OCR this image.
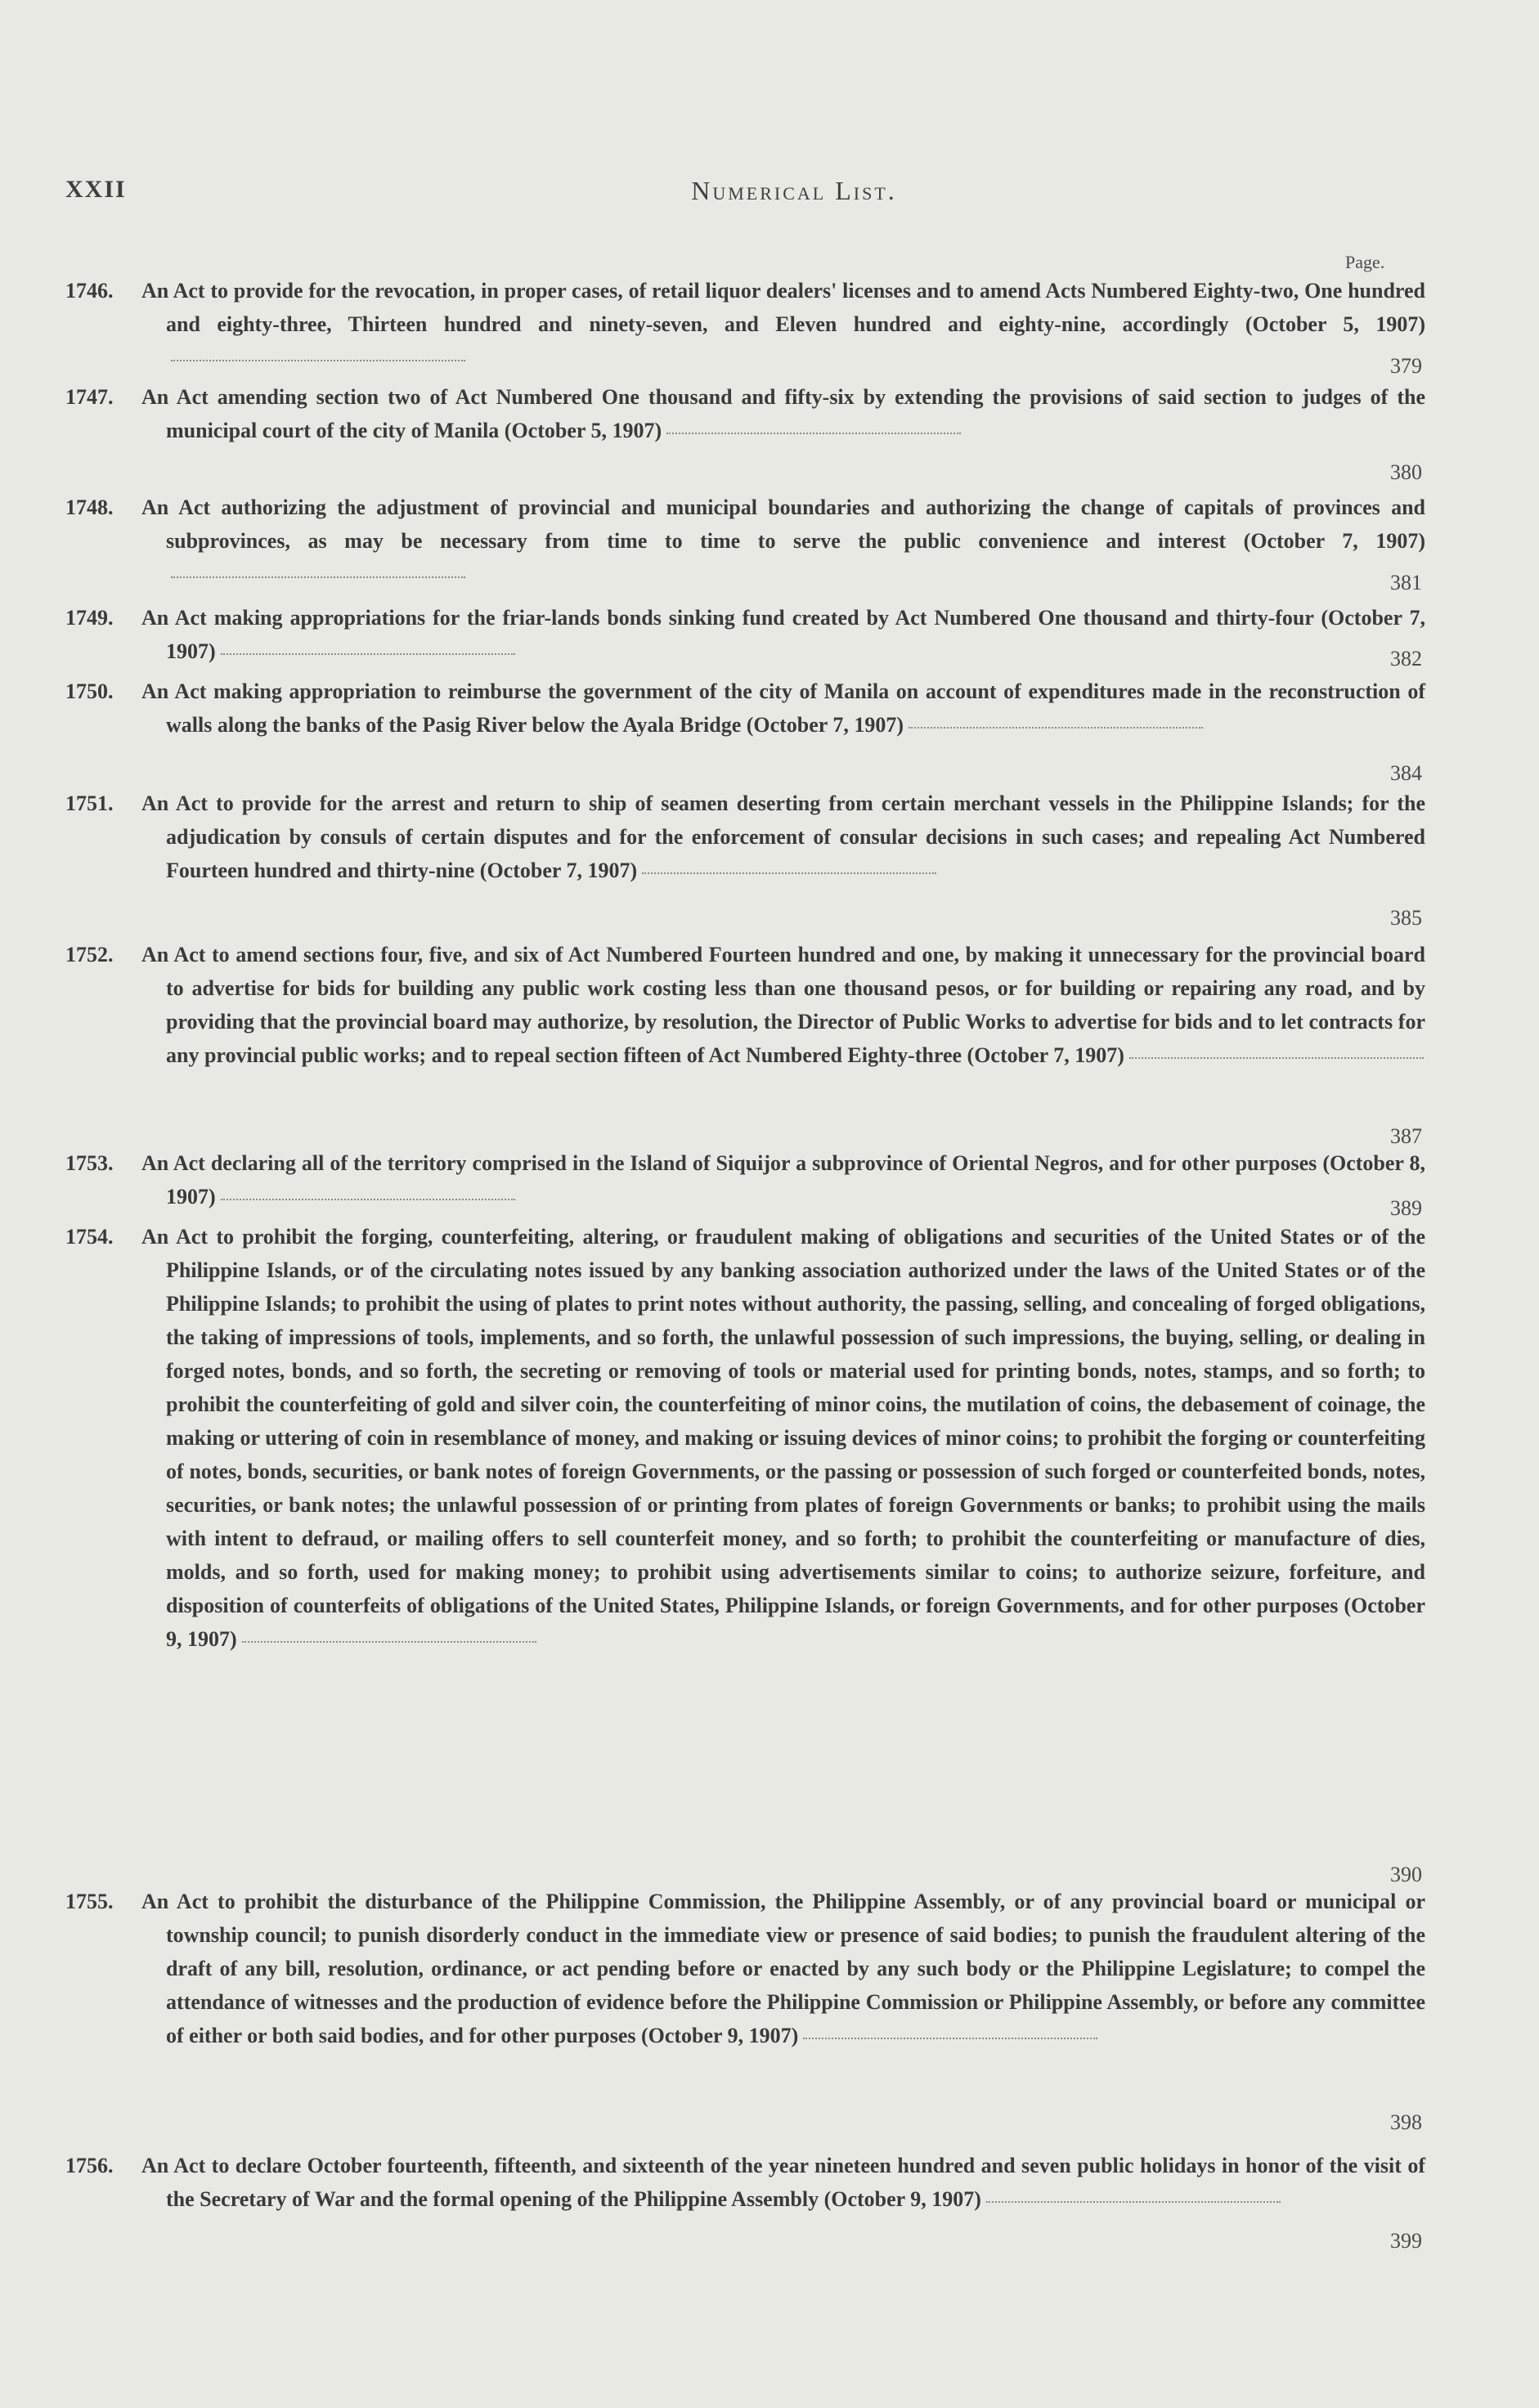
XXII	Numerical List.
Page.
1746. An Act to provide for the revocation, in proper cases, of retail liquor dealers' licenses and to amend Acts Numbered Eighty-two, One hundred and eighty-three, Thirteen hundred and ninety-seven, and Eleven hundred and eighty-nine, accordingly (October 5, 1907)
379
1747. An Act amending section two of Act Numbered One thousand and fifty-six by extending the provisions of said section to judges of the municipal court of the city of Manila (October 5, 1907)
380
1748. An Act authorizing the adjustment of provincial and municipal boundaries and authorizing the change of capitals of provinces and subprovinces, as may be necessary from time to time to serve the public convenience and interest (October 7, 1907)
381
1749. An Act making appropriations for the friar-lands bonds sinking fund created by Act Numbered One thousand and thirty-four (October 7, 1907)	382
1750. An Act making appropriation to reimburse the government of the city of Manila on account of expenditures made in the reconstruction of walls along the banks of the Pasig River below the Ayala Bridge (October 7, 1907)
384
1751. An Act to provide for the arrest and return to ship of seamen deserting from certain merchant vessels in the Philippine Islands; for the adjudication by consuls of certain disputes and for the enforcement of consular decisions in such cases; and repealing Act Numbered Fourteen hundred and thirty-nine (October 7, 1907)
385
1752. An Act to amend sections four, five, and six of Act Numbered Fourteen hundred and one, by making it unnecessary for the provincial board to advertise for bids for building any public work costing less than one thousand pesos, or for building or repairing any road, and by providing that the provincial board may authorize, by resolution, the Director of Public Works to advertise for bids and to let contracts for any provincial public works; and to repeal section fifteen of Act Numbered Eighty-three (October 7, 1907)
387
1753. An Act declaring all of the territory comprised in the Island of Siquijor a subprovince of Oriental Negros, and for other purposes (October 8, 1907)	389
1754. An Act to prohibit the forging, counterfeiting, altering, or fraudulent making of obligations and securities of the United States or of the Philippine Islands, or of the circulating notes issued by any banking association authorized under the laws of the United States or of the Philippine Islands; to prohibit the using of plates to print notes without authority, the passing, selling, and concealing of forged obligations, the taking of impressions of tools, implements, and so forth, the unlawful possession of such impressions, the buying, selling, or dealing in forged notes, bonds, and so forth, the secreting or removing of tools or material used for printing bonds, notes, stamps, and so forth; to prohibit the counterfeiting of gold and silver coin, the counterfeiting of minor coins, the mutilation of coins, the debasement of coinage, the making or uttering of coin in resemblance of money, and making or issuing devices of minor coins; to prohibit the forging or counterfeiting of notes, bonds, securities, or bank notes of foreign Governments, or the passing or possession of such forged or counterfeited bonds, notes, securities, or bank notes; the unlawful possession of or printing from plates of foreign Governments or banks; to prohibit using the mails with intent to defraud, or mailing offers to sell counterfeit money, and so forth; to prohibit the counterfeiting or manufacture of dies, molds, and so forth, used for making money; to prohibit using advertisements similar to coins; to authorize seizure, forfeiture, and disposition of counterfeits of obligations of the United States, Philippine Islands, or foreign Governments, and for other purposes (October 9, 1907)
390
1755. An Act to prohibit the disturbance of the Philippine Commission, the Philippine Assembly, or of any provincial board or municipal or township council; to punish disorderly conduct in the immediate view or presence of said bodies; to punish the fraudulent altering of the draft of any bill, resolution, ordinance, or act pending before or enacted by any such body or the Philippine Legislature; to compel the attendance of witnesses and the production of evidence before the Philippine Commission or Philippine Assembly, or before any committee of either or both said bodies, and for other purposes (October 9, 1907)
398
1756. An Act to declare October fourteenth, fifteenth, and sixteenth of the year nineteen hundred and seven public holidays in honor of the visit of the Secretary of War and the formal opening of the Philippine Assembly (October 9, 1907)
399
